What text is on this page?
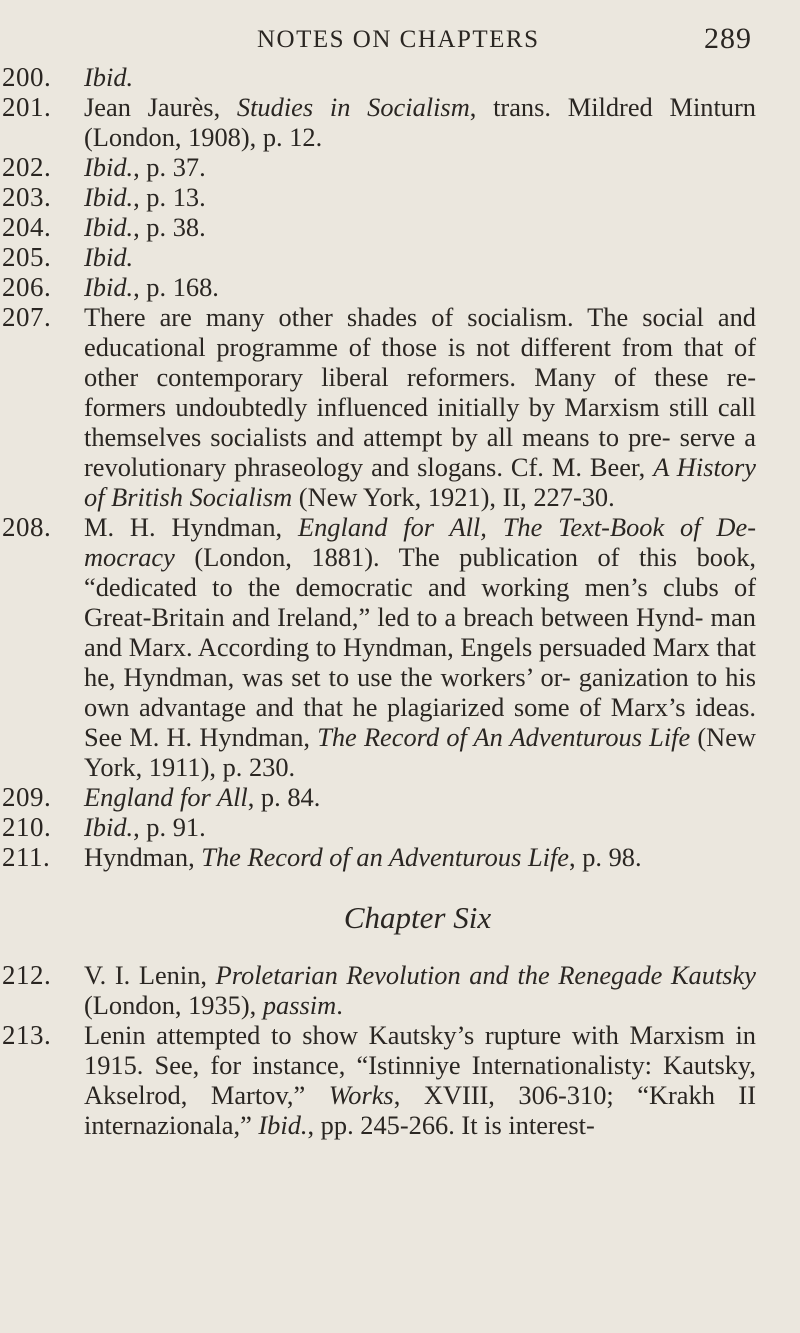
NOTES ON CHAPTERS	289
200.	Ibid.
201.	Jean Jaurès, Studies in Socialism, trans. Mildred Minturn (London, 1908), p. 12.
202.	Ibid., p. 37.
203.	Ibid., p. 13.
204.	Ibid., p. 38.
205.	Ibid.
206.	Ibid., p. 168.
207.	There are many other shades of socialism. The social and educational programme of those is not different from that of other contemporary liberal reformers. Many of these re- formers undoubtedly influenced initially by Marxism still call themselves socialists and attempt by all means to pre- serve a revolutionary phraseology and slogans. Cf. M. Beer, A History of British Socialism (New York, 1921), II, 227-30.
208.	M. H. Hyndman, England for All, The Text-Book of De- mocracy (London, 1881). The publication of this book, “dedicated to the democratic and working men’s clubs of Great-Britain and Ireland,” led to a breach between Hynd- man and Marx. According to Hyndman, Engels persuaded Marx that he, Hyndman, was set to use the workers’ or- ganization to his own advantage and that he plagiarized some of Marx’s ideas. See M. H. Hyndman, The Record of An Adventurous Life (New York, 1911), p. 230.
209.	England for All, p. 84.
210.	Ibid., p. 91.
211.	Hyndman, The Record of an Adventurous Life, p. 98.
Chapter Six
212.	V. I. Lenin, Proletarian Revolution and the Renegade Kautsky (London, 1935), passim.
213.	Lenin attempted to show Kautsky’s rupture with Marxism in 1915. See, for instance, “Istinniye Internationalisty: Kautsky, Akselrod, Martov,” Works, XVIII, 306-310; “Krakh II internazionala,” Ibid., pp. 245-266. It is interest-
